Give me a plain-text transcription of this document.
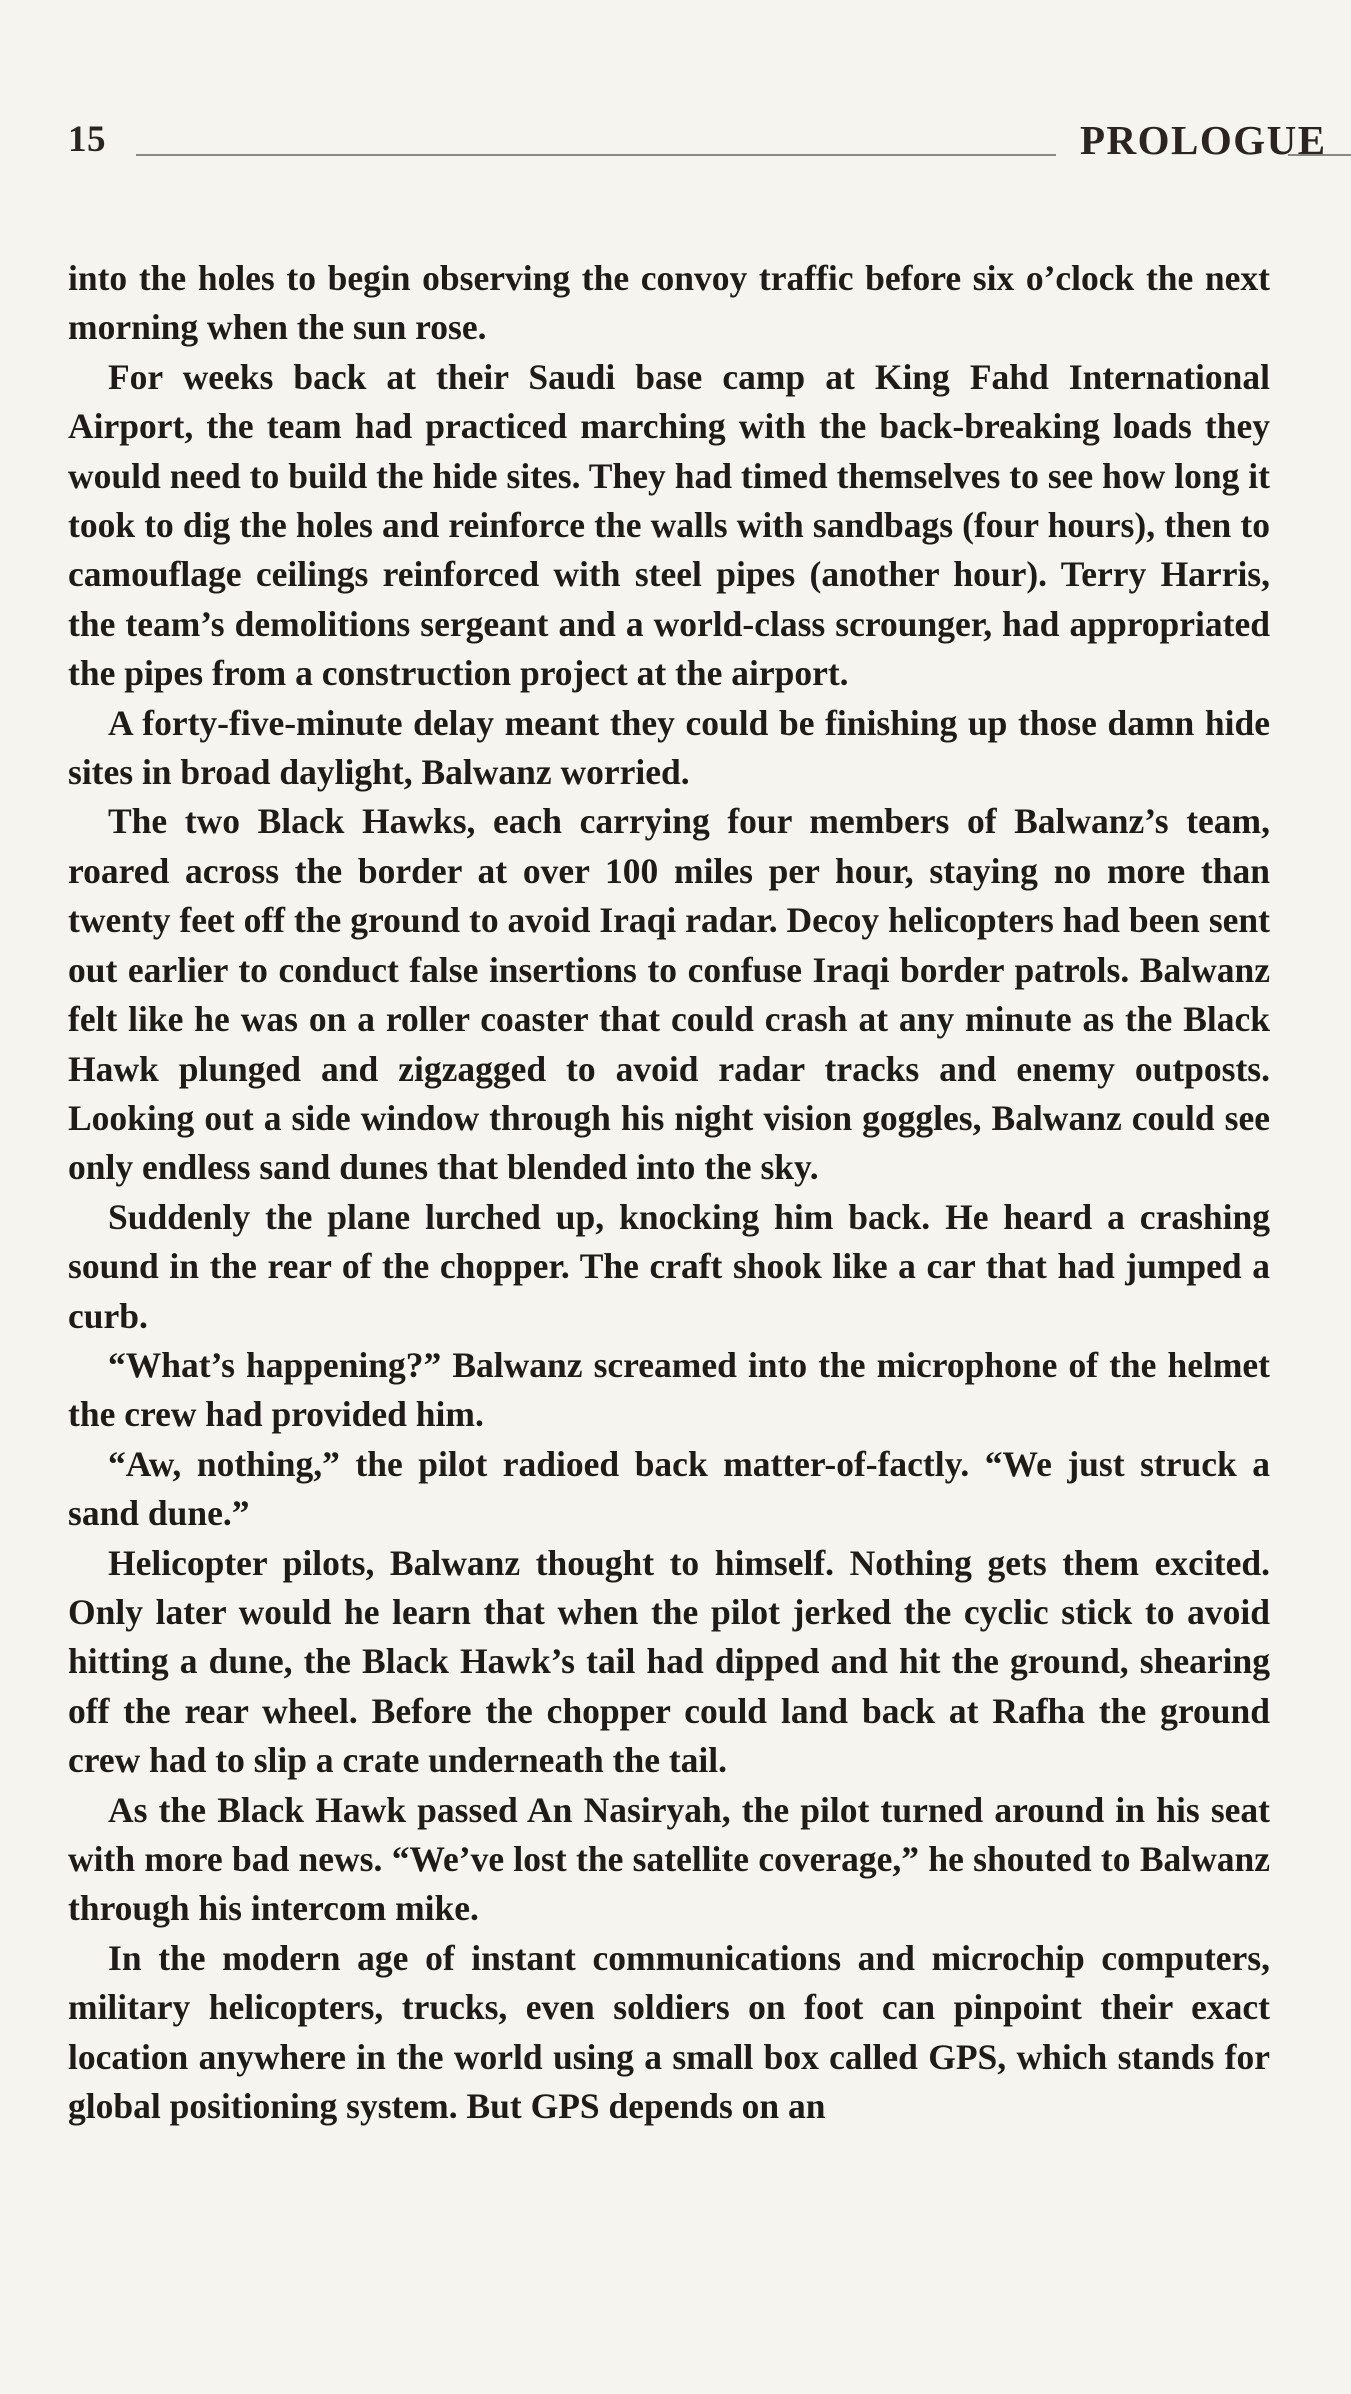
15	PROLOGUE

into the holes to begin observing the convoy traffic before six o’clock the next morning when the sun rose.

For weeks back at their Saudi base camp at King Fahd International Airport, the team had practiced marching with the back-breaking loads they would need to build the hide sites. They had timed themselves to see how long it took to dig the holes and reinforce the walls with sandbags (four hours), then to camouflage ceilings reinforced with steel pipes (another hour). Terry Harris, the team’s demolitions sergeant and a world-class scrounger, had appropriated the pipes from a construction project at the airport.

A forty-five-minute delay meant they could be finishing up those damn hide sites in broad daylight, Balwanz worried.

The two Black Hawks, each carrying four members of Balwanz’s team, roared across the border at over 100 miles per hour, staying no more than twenty feet off the ground to avoid Iraqi radar. Decoy helicopters had been sent out earlier to conduct false insertions to confuse Iraqi border patrols. Balwanz felt like he was on a roller coaster that could crash at any minute as the Black Hawk plunged and zigzagged to avoid radar tracks and enemy outposts. Looking out a side window through his night vision goggles, Balwanz could see only endless sand dunes that blended into the sky.

Suddenly the plane lurched up, knocking him back. He heard a crashing sound in the rear of the chopper. The craft shook like a car that had jumped a curb.

“What’s happening?” Balwanz screamed into the microphone of the helmet the crew had provided him.

“Aw, nothing,” the pilot radioed back matter-of-factly. “We just struck a sand dune.”

Helicopter pilots, Balwanz thought to himself. Nothing gets them excited. Only later would he learn that when the pilot jerked the cyclic stick to avoid hitting a dune, the Black Hawk’s tail had dipped and hit the ground, shearing off the rear wheel. Before the chopper could land back at Rafha the ground crew had to slip a crate underneath the tail.

As the Black Hawk passed An Nasiryah, the pilot turned around in his seat with more bad news. “We’ve lost the satellite coverage,” he shouted to Balwanz through his intercom mike.

In the modern age of instant communications and microchip computers, military helicopters, trucks, even soldiers on foot can pinpoint their exact location anywhere in the world using a small box called GPS, which stands for global positioning system. But GPS depends on an
